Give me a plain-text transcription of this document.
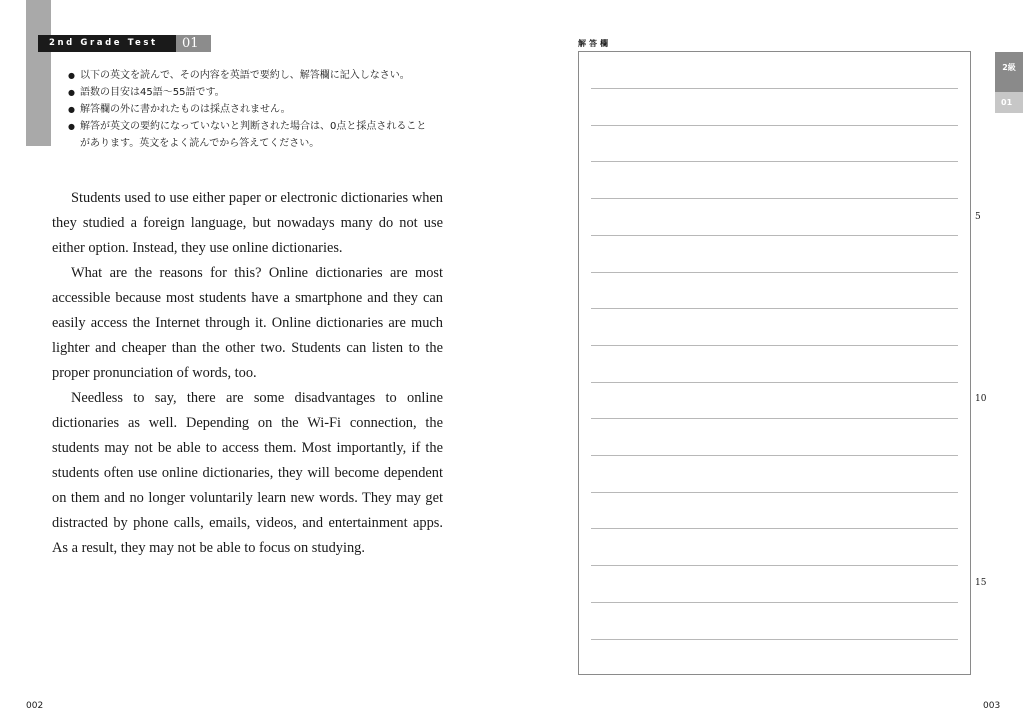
2nd Grade Test	01
● 以下の英文を読んで、その内容を英語で要約し、解答欄に記入しなさい。
● 語数の目安は45語～55語です。
● 解答欄の外に書かれたものは採点されません。
● 解答が英文の要約になっていないと判断された場合は、0点と採点されること
があります。英文をよく読んでから答えてください。

Students used to use either paper or electronic dictionaries when they studied a foreign language, but nowadays many do not use either option. Instead, they use online dictionaries.

What are the reasons for this? Online dictionaries are most accessible because most students have a smartphone and they can easily access the Internet through it. Online dictionaries are much lighter and cheaper than the other two. Students can listen to the proper pronunciation of words, too.

Needless to say, there are some disadvantages to online dictionaries as well. Depending on the Wi-Fi connection, the students may not be able to access them. Most importantly, if the students often use online dictionaries, they will become dependent on them and no longer voluntarily learn new words. They may get distracted by phone calls, emails, videos, and entertainment apps. As a result, they may not be able to focus on studying.

002
解答欄
5
10
15
2級
01
003
